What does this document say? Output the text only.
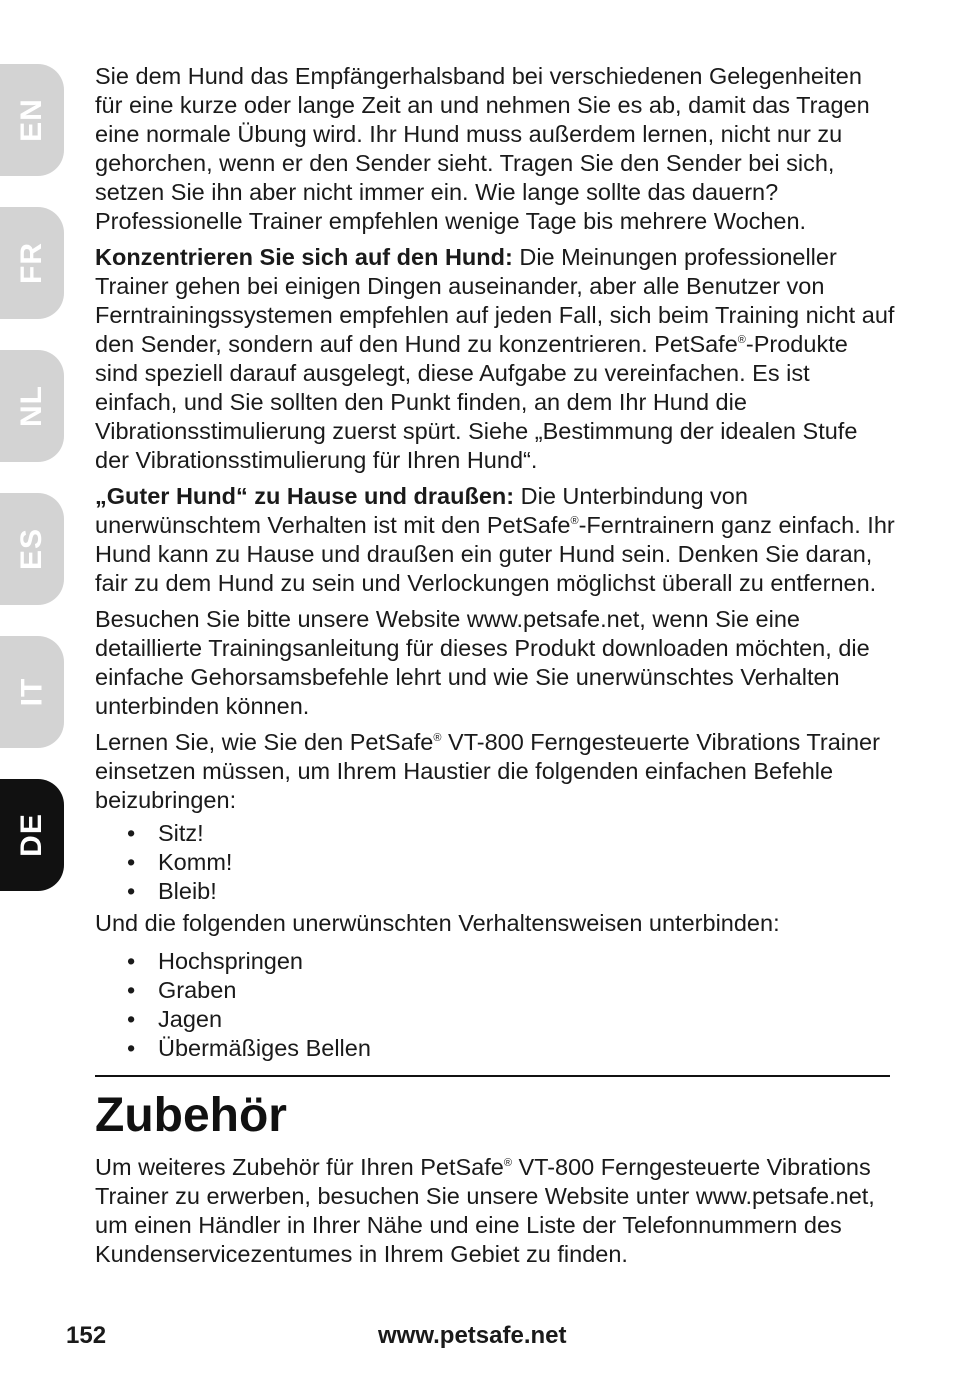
EN
FR
NL
ES
IT
DE

Sie dem Hund das Empfängerhalsband bei verschiedenen Gelegenheiten für eine kurze oder lange Zeit an und nehmen Sie es ab, damit das Tragen eine normale Übung wird. Ihr Hund muss außerdem lernen, nicht nur zu gehorchen, wenn er den Sender sieht. Tragen Sie den Sender bei sich, setzen Sie ihn aber nicht immer ein. Wie lange sollte das dauern? Professionelle Trainer empfehlen wenige Tage bis mehrere Wochen.

Konzentrieren Sie sich auf den Hund: Die Meinungen professioneller Trainer gehen bei einigen Dingen auseinander, aber alle Benutzer von Ferntrainingssystemen empfehlen auf jeden Fall, sich beim Training nicht auf den Sender, sondern auf den Hund zu konzentrieren. PetSafe®-Produkte sind speziell darauf ausgelegt, diese Aufgabe zu vereinfachen. Es ist einfach, und Sie sollten den Punkt finden, an dem Ihr Hund die Vibrationsstimulierung zuerst spürt. Siehe „Bestimmung der idealen Stufe der Vibrationsstimulierung für Ihren Hund“.

„Guter Hund“ zu Hause und draußen: Die Unterbindung von unerwünschtem Verhalten ist mit den PetSafe®-Ferntrainern ganz einfach. Ihr Hund kann zu Hause und draußen ein guter Hund sein. Denken Sie daran, fair zu dem Hund zu sein und Verlockungen möglichst überall zu entfernen.

Besuchen Sie bitte unsere Website www.petsafe.net, wenn Sie eine detaillierte Trainingsanleitung für dieses Produkt downloaden möchten, die einfache Gehorsamsbefehle lehrt und wie Sie unerwünschtes Verhalten unterbinden können.

Lernen Sie, wie Sie den PetSafe® VT-800 Ferngesteuerte Vibrations Trainer einsetzen müssen, um Ihrem Haustier die folgenden einfachen Befehle beizubringen:

• Sitz!
• Komm!
• Bleib!

Und die folgenden unerwünschten Verhaltensweisen unterbinden:

• Hochspringen
• Graben
• Jagen
• Übermäßiges Bellen
Zubehör

Um weiteres Zubehör für Ihren PetSafe® VT-800 Ferngesteuerte Vibrations Trainer zu erwerben, besuchen Sie unsere Website unter www.petsafe.net, um einen Händler in Ihrer Nähe und eine Liste der Telefonnummern des Kundenservicezentumes in Ihrem Gebiet zu finden.

152	www.petsafe.net
